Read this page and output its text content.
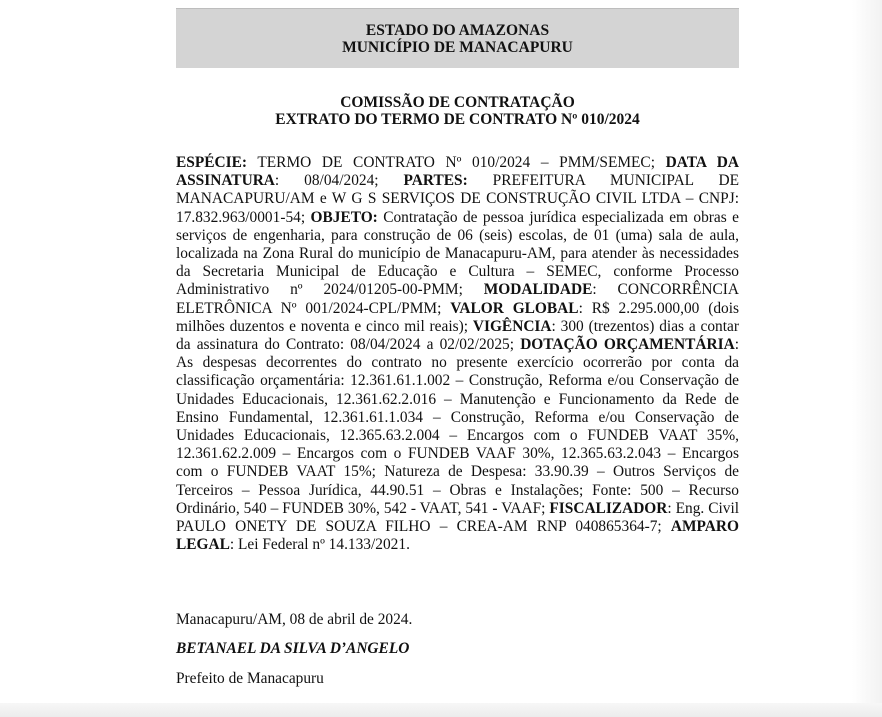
ESTADO DO AMAZONAS
MUNICÍPIO DE MANACAPURU
COMISSÃO DE CONTRATAÇÃO
EXTRATO DO TERMO DE CONTRATO Nº 010/2024
ESPÉCIE: TERMO DE CONTRATO Nº 010/2024 – PMM/SEMEC; DATA DA ASSINATURA: 08/04/2024; PARTES: PREFEITURA MUNICIPAL DE MANACAPURU/AM e W G S SERVIÇOS DE CONSTRUÇÃO CIVIL LTDA – CNPJ: 17.832.963/0001-54; OBJETO: Contratação de pessoa jurídica especializada em obras e serviços de engenharia, para construção de 06 (seis) escolas, de 01 (uma) sala de aula, localizada na Zona Rural do município de Manacapuru-AM, para atender às necessidades da Secretaria Municipal de Educação e Cultura – SEMEC, conforme Processo Administrativo nº 2024/01205-00-PMM; MODALIDADE: CONCORRÊNCIA ELETRÔNICA Nº 001/2024-CPL/PMM; VALOR GLOBAL: R$ 2.295.000,00 (dois milhões duzentos e noventa e cinco mil reais); VIGÊNCIA: 300 (trezentos) dias a contar da assinatura do Contrato: 08/04/2024 a 02/02/2025; DOTAÇÃO ORÇAMENTÁRIA: As despesas decorrentes do contrato no presente exercício ocorrerão por conta da classificação orçamentária: 12.361.61.1.002 – Construção, Reforma e/ou Conservação de Unidades Educacionais, 12.361.62.2.016 – Manutenção e Funcionamento da Rede de Ensino Fundamental, 12.361.61.1.034 – Construção, Reforma e/ou Conservação de Unidades Educacionais, 12.365.63.2.004 – Encargos com o FUNDEB VAAT 35%, 12.361.62.2.009 – Encargos com o FUNDEB VAAF 30%, 12.365.63.2.043 – Encargos com o FUNDEB VAAT 15%; Natureza de Despesa: 33.90.39 – Outros Serviços de Terceiros – Pessoa Jurídica, 44.90.51 – Obras e Instalações; Fonte: 500 – Recurso Ordinário, 540 – FUNDEB 30%, 542 - VAAT, 541 - VAAF; FISCALIZADOR: Eng. Civil PAULO ONETY DE SOUZA FILHO – CREA-AM RNP 040865364-7; AMPARO LEGAL: Lei Federal nº 14.133/2021.
Manacapuru/AM, 08 de abril de 2024.
BETANAEL DA SILVA D’ANGELO
Prefeito de Manacapuru
